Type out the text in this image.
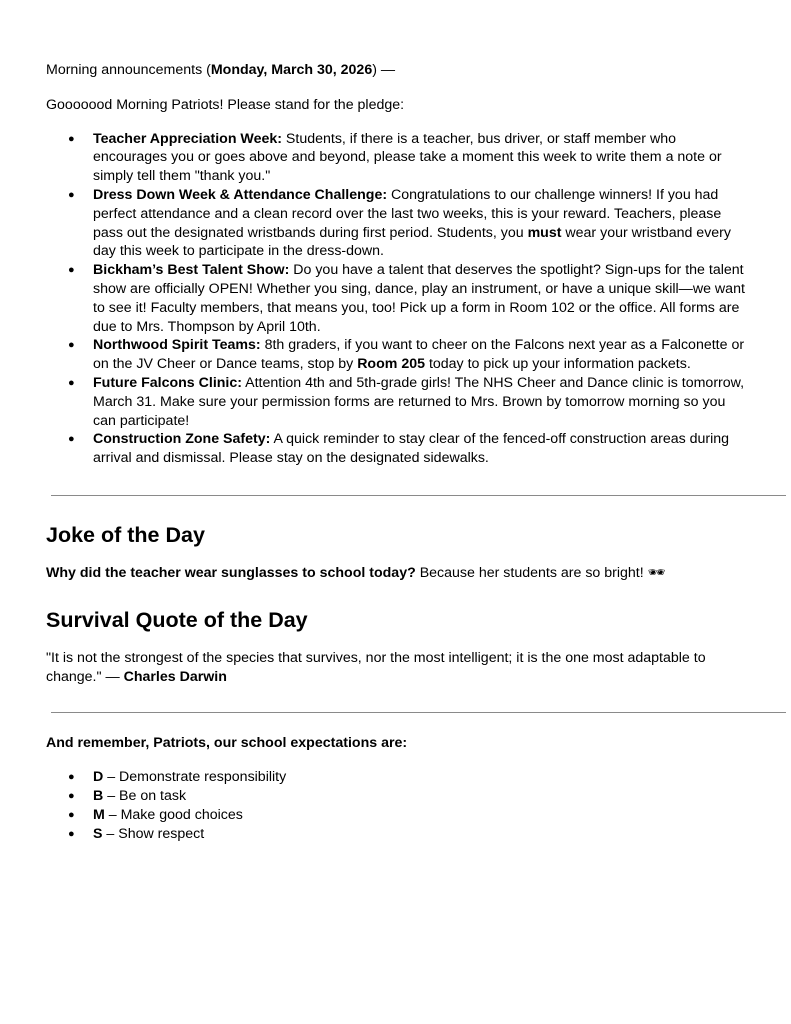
Morning announcements (Monday, March 30, 2026) —

Gooooood Morning Patriots! Please stand for the pledge:

● Teacher Appreciation Week: Students, if there is a teacher, bus driver, or staff member who encourages you or goes above and beyond, please take a moment this week to write them a note or simply tell them "thank you."
● Dress Down Week & Attendance Challenge: Congratulations to our challenge winners! If you had perfect attendance and a clean record over the last two weeks, this is your reward. Teachers, please pass out the designated wristbands during first period. Students, you must wear your wristband every day this week to participate in the dress-down.
● Bickham’s Best Talent Show: Do you have a talent that deserves the spotlight? Sign-ups for the talent show are officially OPEN! Whether you sing, dance, play an instrument, or have a unique skill—we want to see it! Faculty members, that means you, too! Pick up a form in Room 102 or the office. All forms are due to Mrs. Thompson by April 10th.
● Northwood Spirit Teams: 8th graders, if you want to cheer on the Falcons next year as a Falconette or on the JV Cheer or Dance teams, stop by Room 205 today to pick up your information packets.
● Future Falcons Clinic: Attention 4th and 5th-grade girls! The NHS Cheer and Dance clinic is tomorrow, March 31. Make sure your permission forms are returned to Mrs. Brown by tomorrow morning so you can participate!
● Construction Zone Safety: A quick reminder to stay clear of the fenced-off construction areas during arrival and dismissal. Please stay on the designated sidewalks.
Joke of the Day

Why did the teacher wear sunglasses to school today? Because her students are so bright! 🕶

Survival Quote of the Day

"It is not the strongest of the species that survives, nor the most intelligent; it is the one most adaptable to change." — Charles Darwin

And remember, Patriots, our school expectations are:

● D – Demonstrate responsibility
● B – Be on task
● M – Make good choices
● S – Show respect
